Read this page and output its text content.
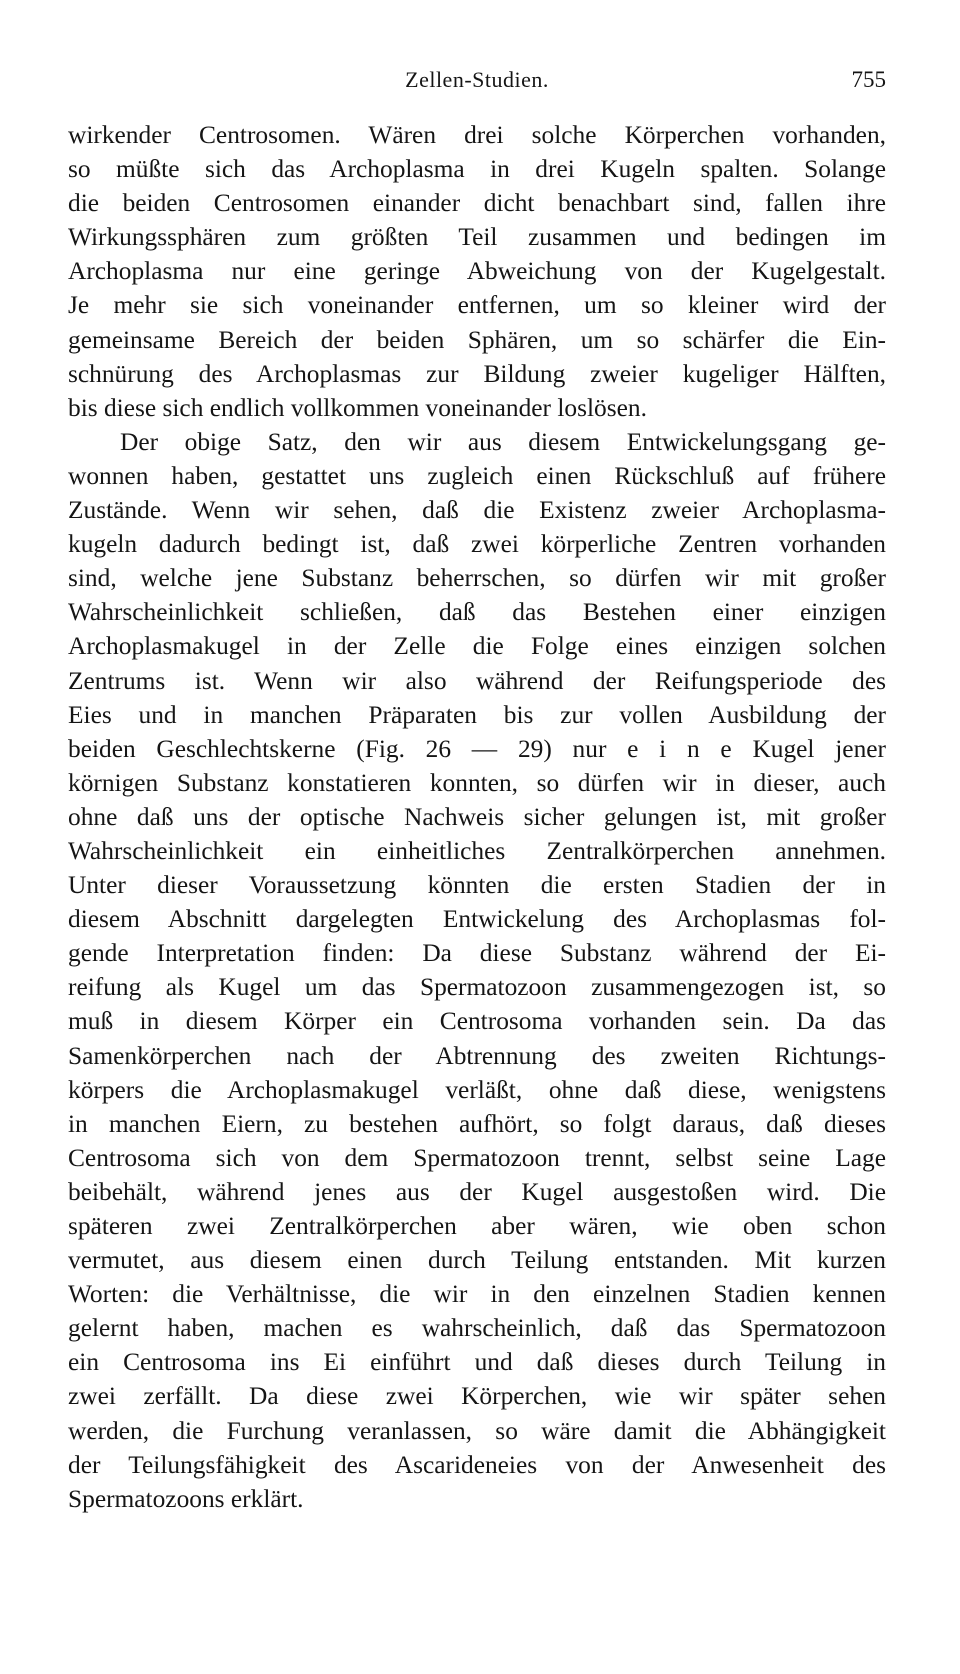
Zellen-Studien.	755
wirkender Centrosomen. Wären drei solche Körperchen vorhanden,
so müßte sich das Archoplasma in drei Kugeln spalten. Solange
die beiden Centrosomen einander dicht benachbart sind, fallen ihre
Wirkungssphären zum größten Teil zusammen und bedingen im
Archoplasma nur eine geringe Abweichung von der Kugelgestalt.
Je mehr sie sich voneinander entfernen, um so kleiner wird der
gemeinsame Bereich der beiden Sphären, um so schärfer die Ein-
schnürung des Archoplasmas zur Bildung zweier kugeliger Hälften,
bis diese sich endlich vollkommen voneinander loslösen.
Der obige Satz, den wir aus diesem Entwickelungsgang ge-
wonnen haben, gestattet uns zugleich einen Rückschluß auf frühere
Zustände. Wenn wir sehen, daß die Existenz zweier Archoplasma-
kugeln dadurch bedingt ist, daß zwei körperliche Zentren vorhanden
sind, welche jene Substanz beherrschen, so dürfen wir mit großer
Wahrscheinlichkeit schließen, daß das Bestehen einer einzigen
Archoplasmakugel in der Zelle die Folge eines einzigen solchen
Zentrums ist. Wenn wir also während der Reifungsperiode des
Eies und in manchen Präparaten bis zur vollen Ausbildung der
beiden Geschlechtskerne (Fig. 26 — 29) nur e i n e Kugel jener
körnigen Substanz konstatieren konnten, so dürfen wir in dieser, auch
ohne daß uns der optische Nachweis sicher gelungen ist, mit großer
Wahrscheinlichkeit ein einheitliches Zentralkörperchen annehmen.
Unter dieser Voraussetzung könnten die ersten Stadien der in
diesem Abschnitt dargelegten Entwickelung des Archoplasmas fol-
gende Interpretation finden: Da diese Substanz während der Ei-
reifung als Kugel um das Spermatozoon zusammengezogen ist, so
muß in diesem Körper ein Centrosoma vorhanden sein. Da das
Samenkörperchen nach der Abtrennung des zweiten Richtungs-
körpers die Archoplasmakugel verläßt, ohne daß diese, wenigstens
in manchen Eiern, zu bestehen aufhört, so folgt daraus, daß dieses
Centrosoma sich von dem Spermatozoon trennt, selbst seine Lage
beibehält, während jenes aus der Kugel ausgestoßen wird. Die
späteren zwei Zentralkörperchen aber wären, wie oben schon
vermutet, aus diesem einen durch Teilung entstanden. Mit kurzen
Worten: die Verhältnisse, die wir in den einzelnen Stadien kennen
gelernt haben, machen es wahrscheinlich, daß das Spermatozoon
ein Centrosoma ins Ei einführt und daß dieses durch Teilung in
zwei zerfällt. Da diese zwei Körperchen, wie wir später sehen
werden, die Furchung veranlassen, so wäre damit die Abhängigkeit
der Teilungsfähigkeit des Ascarideneies von der Anwesenheit des
Spermatozoons erklärt.
